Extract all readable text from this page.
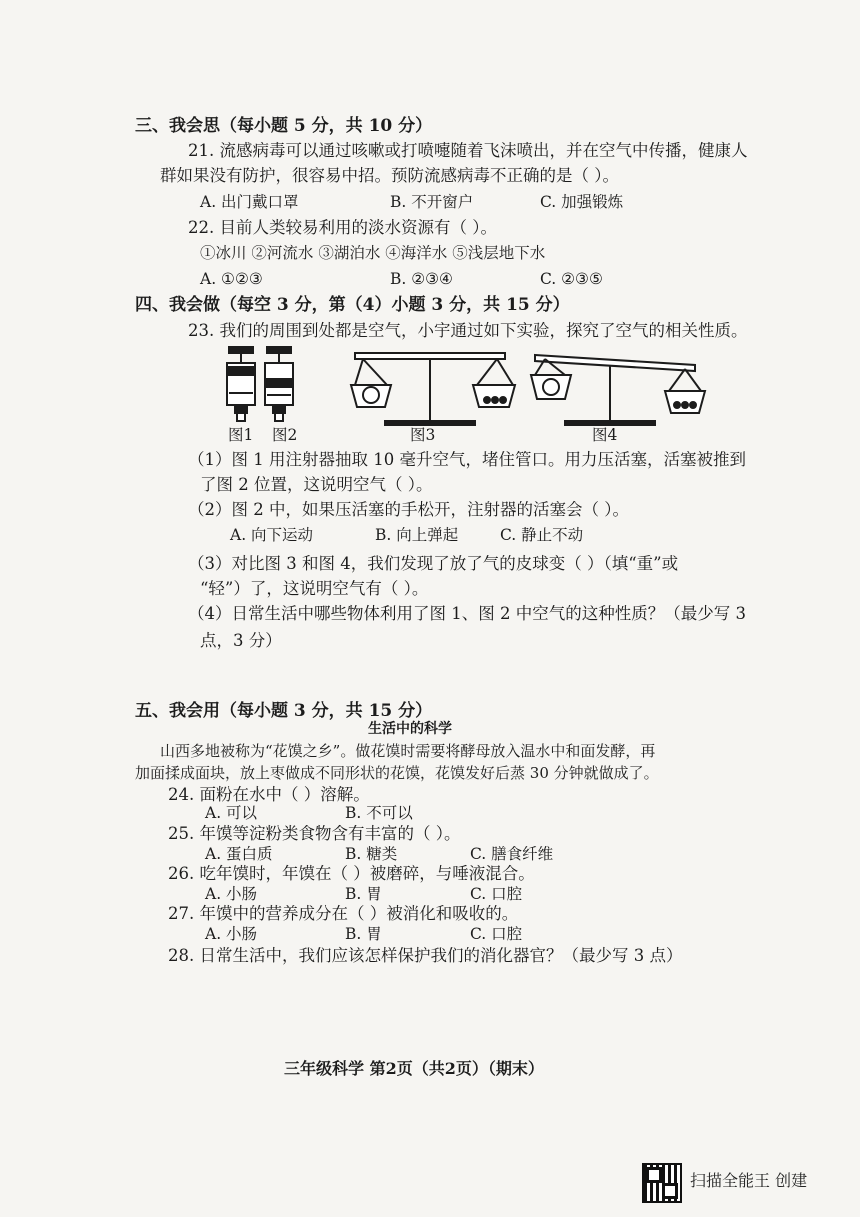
三、我会思（每小题 5 分，共 10 分）
21. 流感病毒可以通过咳嗽或打喷嚏随着飞沫喷出，并在空气中传播，健康人
群如果没有防护，很容易中招。预防流感病毒不正确的是（ ）。
A. 出门戴口罩	B. 不开窗户	C. 加强锻炼
22. 目前人类较易利用的淡水资源有（ ）。
①冰川 ②河流水 ③湖泊水 ④海洋水 ⑤浅层地下水
A. ①②③	B. ②③④	C. ②③⑤
四、我会做（每空 3 分，第（4）小题 3 分，共 15 分）
23. 我们的周围到处都是空气，小宇通过如下实验，探究了空气的相关性质。
图1 图2	图3	图4
（1）图 1 用注射器抽取 10 毫升空气，堵住管口。用力压活塞，活塞被推到
了图 2 位置，这说明空气（ ）。
（2）图 2 中，如果压活塞的手松开，注射器的活塞会（ ）。
A. 向下运动	B. 向上弹起	C. 静止不动
（3）对比图 3 和图 4，我们发现了放了气的皮球变（ ）（填“重”或
“轻”）了，这说明空气有（ ）。
（4）日常生活中哪些物体利用了图 1、图 2 中空气的这种性质？（最少写 3
点，3 分）
五、我会用（每小题 3 分，共 15 分）
生活中的科学
山西多地被称为“花馍之乡”。做花馍时需要将酵母放入温水中和面发酵，再
加面揉成面块，放上枣做成不同形状的花馍，花馍发好后蒸 30 分钟就做成了。
24. 面粉在水中（ ）溶解。
A. 可以	B. 不可以
25. 年馍等淀粉类食物含有丰富的（ ）。
A. 蛋白质	B. 糖类	C. 膳食纤维
26. 吃年馍时，年馍在（ ）被磨碎，与唾液混合。
A. 小肠	B. 胃	C. 口腔
27. 年馍中的营养成分在（ ）被消化和吸收的。
A. 小肠	B. 胃	C. 口腔
28. 日常生活中，我们应该怎样保护我们的消化器官？（最少写 3 点）
三年级科学 第2页（共2页）（期末）
扫描全能王 创建
